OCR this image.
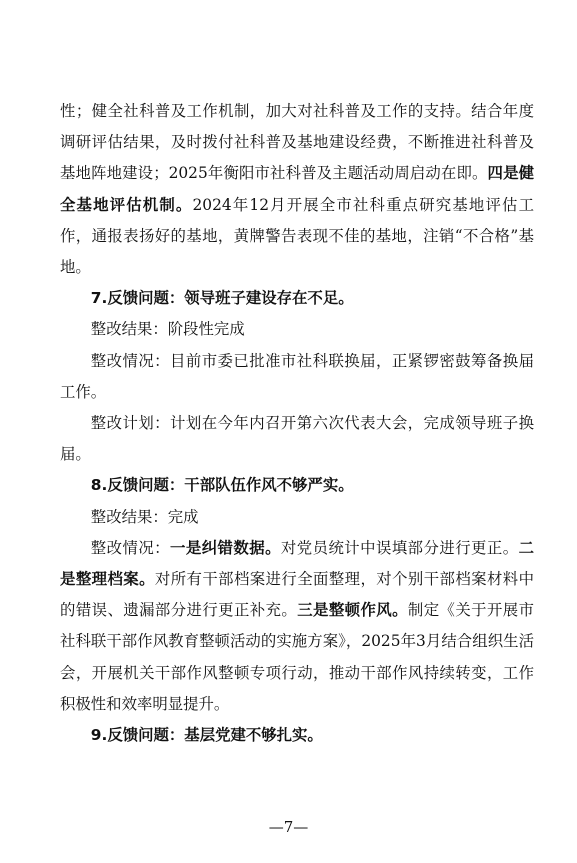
性；健全社科普及工作机制，加大对社科普及工作的支持。结合年度调研评估结果，及时拨付社科普及基地建设经费，不断推进社科普及基地阵地建设；2025年衡阳市社科普及主题活动周启动在即。四是健全基地评估机制。2024年12月开展全市社科重点研究基地评估工作，通报表扬好的基地，黄牌警告表现不佳的基地，注销“不合格”基地。

7.反馈问题：领导班子建设存在不足。

整改结果：阶段性完成

整改情况：目前市委已批准市社科联换届，正紧锣密鼓筹备换届工作。

整改计划：计划在今年内召开第六次代表大会，完成领导班子换届。

8.反馈问题：干部队伍作风不够严实。

整改结果：完成

整改情况：一是纠错数据。对党员统计中误填部分进行更正。二是整理档案。对所有干部档案进行全面整理，对个别干部档案材料中的错误、遗漏部分进行更正补充。三是整顿作风。制定《关于开展市社科联干部作风教育整顿活动的实施方案》，2025年3月结合组织生活会，开展机关干部作风整顿专项行动，推动干部作风持续转变，工作积极性和效率明显提升。

9.反馈问题：基层党建不够扎实。

—7—
